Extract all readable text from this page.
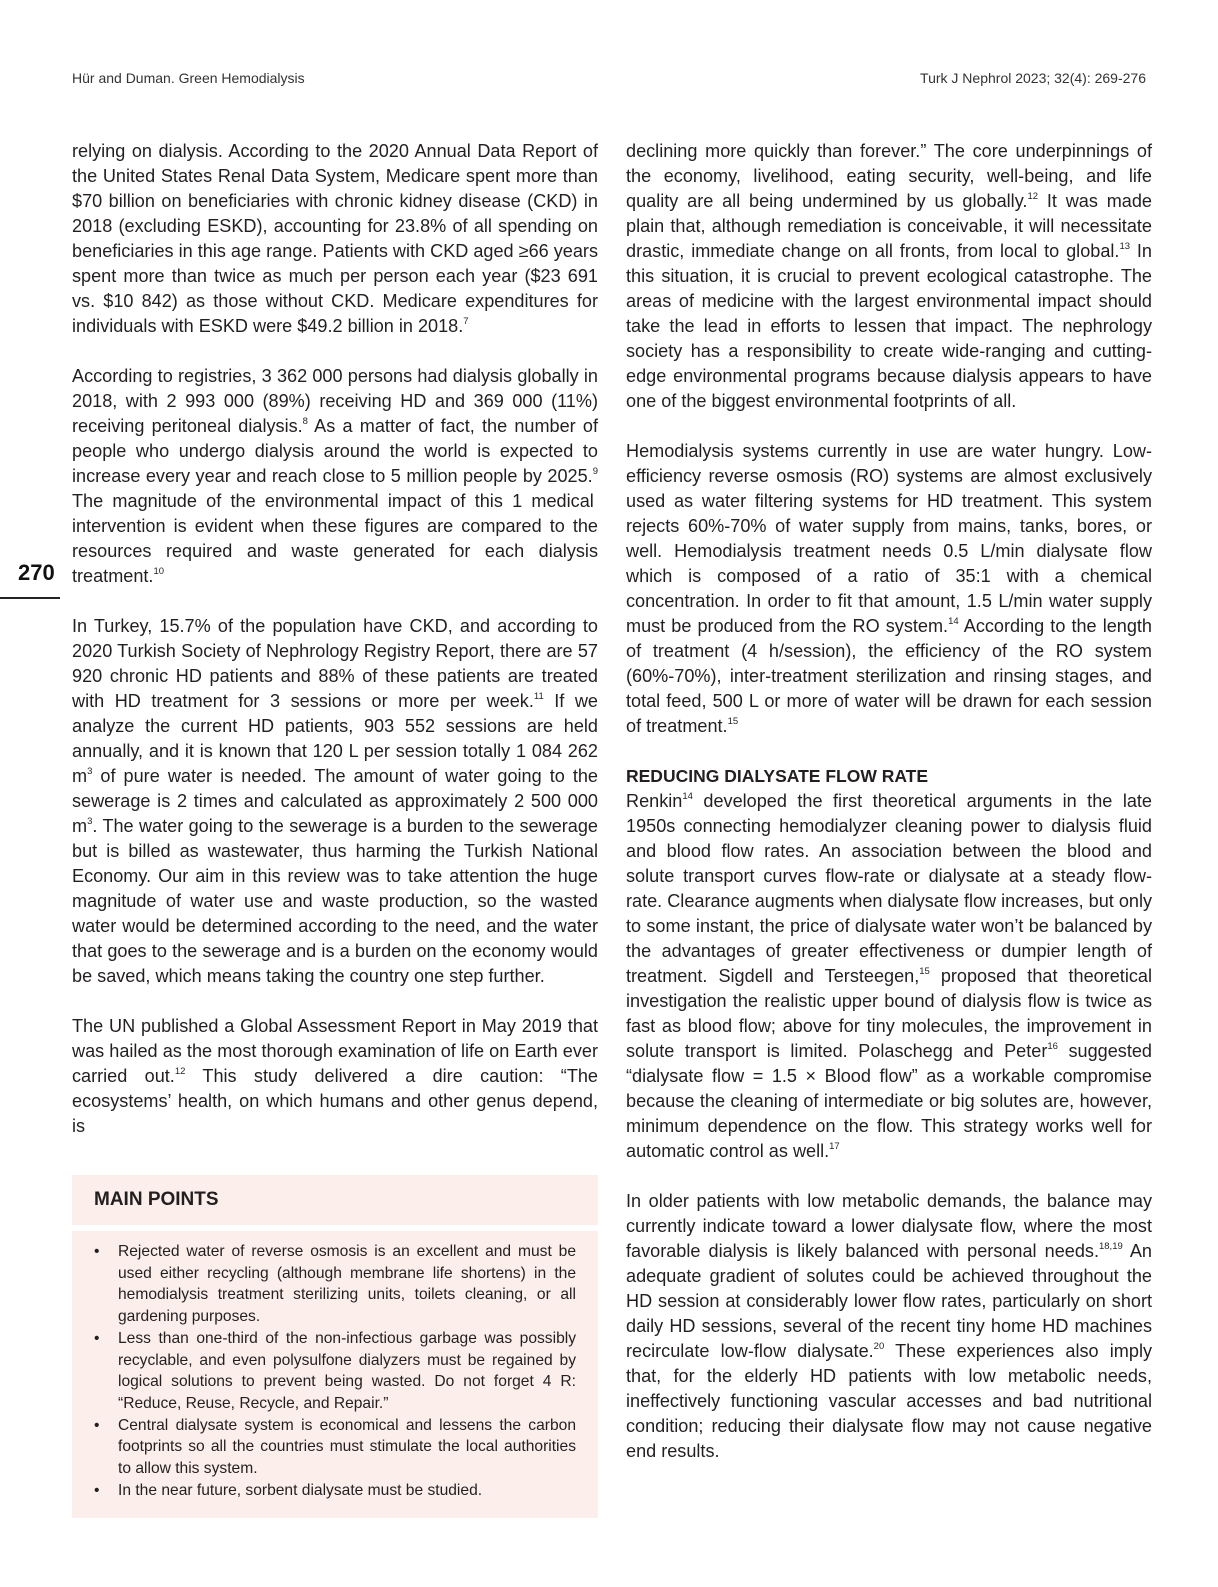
Hür and Duman. Green Hemodialysis	Turk J Nephrol 2023; 32(4): 269-276
270

relying on dialysis. According to the 2020 Annual Data Report of the United States Renal Data System, Medicare spent more than $70 billion on beneficiaries with chronic kidney disease (CKD) in 2018 (excluding ESKD), accounting for 23.8% of all spending on beneficiaries in this age range. Patients with CKD aged ≥66 years spent more than twice as much per person each year ($23 691 vs. $10 842) as those without CKD. Medicare expenditures for individuals with ESKD were $49.2 billion in 2018.$^7$

According to registries, 3 362 000 persons had dialysis globally in 2018, with 2 993 000 (89%) receiving HD and 369 000 (11%) receiving peritoneal dialysis.$^8$ As a matter of fact, the number of people who undergo dialysis around the world is expected to increase every year and reach close to 5 million people by 2025.$^9$ The magnitude of the environmental impact of this 1 medical intervention is evident when these figures are compared to the resources required and waste generated for each dialysis treatment.$^{10}$

In Turkey, 15.7% of the population have CKD, and according to 2020 Turkish Society of Nephrology Registry Report, there are 57 920 chronic HD patients and 88% of these patients are treated with HD treatment for 3 sessions or more per week.$^{11}$ If we analyze the current HD patients, 903 552 sessions are held annually, and it is known that 120 L per session totally 1 084 262 $m^3$ of pure water is needed. The amount of water going to the sewerage is 2 times and calculated as approximately 2 500 000 $m^3$. The water going to the sewerage is a burden to the sewerage but is billed as wastewater, thus harming the Turkish National Economy. Our aim in this review was to take attention the huge magnitude of water use and waste production, so the wasted water would be determined according to the need, and the water that goes to the sewerage and is a burden on the economy would be saved, which means taking the country one step further.

The UN published a Global Assessment Report in May 2019 that was hailed as the most thorough examination of life on Earth ever carried out.$^{12}$ This study delivered a dire caution: “The ecosystems’ health, on which humans and other genus depend, is

MAIN POINTS
• Rejected water of reverse osmosis is an excellent and must be used either recycling (although membrane life shortens) in the hemodialysis treatment sterilizing units, toilets cleaning, or all gardening purposes.
• Less than one-third of the non-infectious garbage was possibly recyclable, and even polysulfone dialyzers must be regained by logical solutions to prevent being wasted. Do not forget 4 R: “Reduce, Reuse, Recycle, and Repair.”
• Central dialysate system is economical and lessens the carbon footprints so all the countries must stimulate the local authorities to allow this system.
• In the near future, sorbent dialysate must be studied.

declining more quickly than forever.” The core underpinnings of the economy, livelihood, eating security, well-being, and life quality are all being undermined by us globally.$^{12}$ It was made plain that, although remediation is conceivable, it will necessitate drastic, immediate change on all fronts, from local to global.$^{13}$ In this situation, it is crucial to prevent ecological catastrophe. The areas of medicine with the largest environmental impact should take the lead in efforts to lessen that impact. The nephrology society has a responsibility to create wide-ranging and cutting-edge environmental programs because dialysis appears to have one of the biggest environmental footprints of all.

Hemodialysis systems currently in use are water hungry. Low-efficiency reverse osmosis (RO) systems are almost exclusively used as water filtering systems for HD treatment. This system rejects 60%-70% of water supply from mains, tanks, bores, or well. Hemodialysis treatment needs 0.5 L/min dialysate flow which is composed of a ratio of 35:1 with a chemical concentration. In order to fit that amount, 1.5 L/min water supply must be produced from the RO system.$^{14}$ According to the length of treatment (4 h/session), the efficiency of the RO system (60%-70%), inter-treatment sterilization and rinsing stages, and total feed, 500 L or more of water will be drawn for each session of treatment.$^{15}$

REDUCING DIALYSATE FLOW RATE

Renkin$^{14}$ developed the first theoretical arguments in the late 1950s connecting hemodialyzer cleaning power to dialysis fluid and blood flow rates. An association between the blood and solute transport curves flow-rate or dialysate at a steady flow-rate. Clearance augments when dialysate flow increases, but only to some instant, the price of dialysate water won’t be balanced by the advantages of greater effectiveness or dumpier length of treatment. Sigdell and Tersteegen,$^{15}$ proposed that theoretical investigation the realistic upper bound of dialysis flow is twice as fast as blood flow; above for tiny molecules, the improvement in solute transport is limited. Polaschegg and Peter$^{16}$ suggested “dialysate flow = 1.5 × Blood flow” as a workable compromise because the cleaning of intermediate or big solutes are, however, minimum dependence on the flow. This strategy works well for automatic control as well.$^{17}$

In older patients with low metabolic demands, the balance may currently indicate toward a lower dialysate flow, where the most favorable dialysis is likely balanced with personal needs.$^{18,19}$ An adequate gradient of solutes could be achieved throughout the HD session at considerably lower flow rates, particularly on short daily HD sessions, several of the recent tiny home HD machines recirculate low-flow dialysate.$^{20}$ These experiences also imply that, for the elderly HD patients with low metabolic needs, ineffectively functioning vascular accesses and bad nutritional condition; reducing their dialysate flow may not cause negative end results.
